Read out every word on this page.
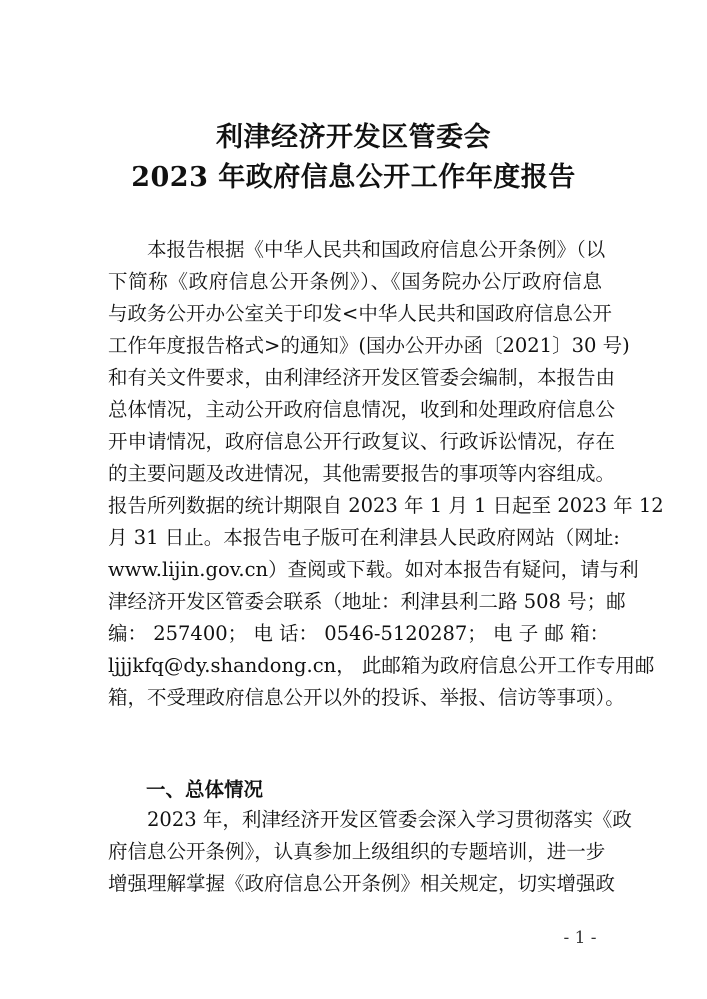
利津经济开发区管委会
2023 年政府信息公开工作年度报告
本报告根据《中华人民共和国政府信息公开条例》（以
下简称《政府信息公开条例》）、《国务院办公厅政府信息
与政务公开办公室关于印发<中华人民共和国政府信息公开
工作年度报告格式>的通知》(国办公开办函〔2021〕30 号)
和有关文件要求，由利津经济开发区管委会编制，本报告由
总体情况，主动公开政府信息情况，收到和处理政府信息公
开申请情况，政府信息公开行政复议、行政诉讼情况，存在
的主要问题及改进情况，其他需要报告的事项等内容组成。
报告所列数据的统计期限自 2023 年 1 月 1 日起至 2023 年 12
月 31 日止。本报告电子版可在利津县人民政府网站（网址:
www.lijin.gov.cn）查阅或下载。如对本报告有疑问，请与利
津经济开发区管委会联系（地址：利津县利二路 508 号；邮
编： 257400； 电 话： 0546-5120287； 电 子 邮 箱：
ljjjkfq@dy.shandong.cn， 此邮箱为政府信息公开工作专用邮
箱，不受理政府信息公开以外的投诉、举报、信访等事项）。
一、总体情况
2023 年，利津经济开发区管委会深入学习贯彻落实《政
府信息公开条例》，认真参加上级组织的专题培训，进一步
增强理解掌握《政府信息公开条例》相关规定，切实增强政
- 1 -
